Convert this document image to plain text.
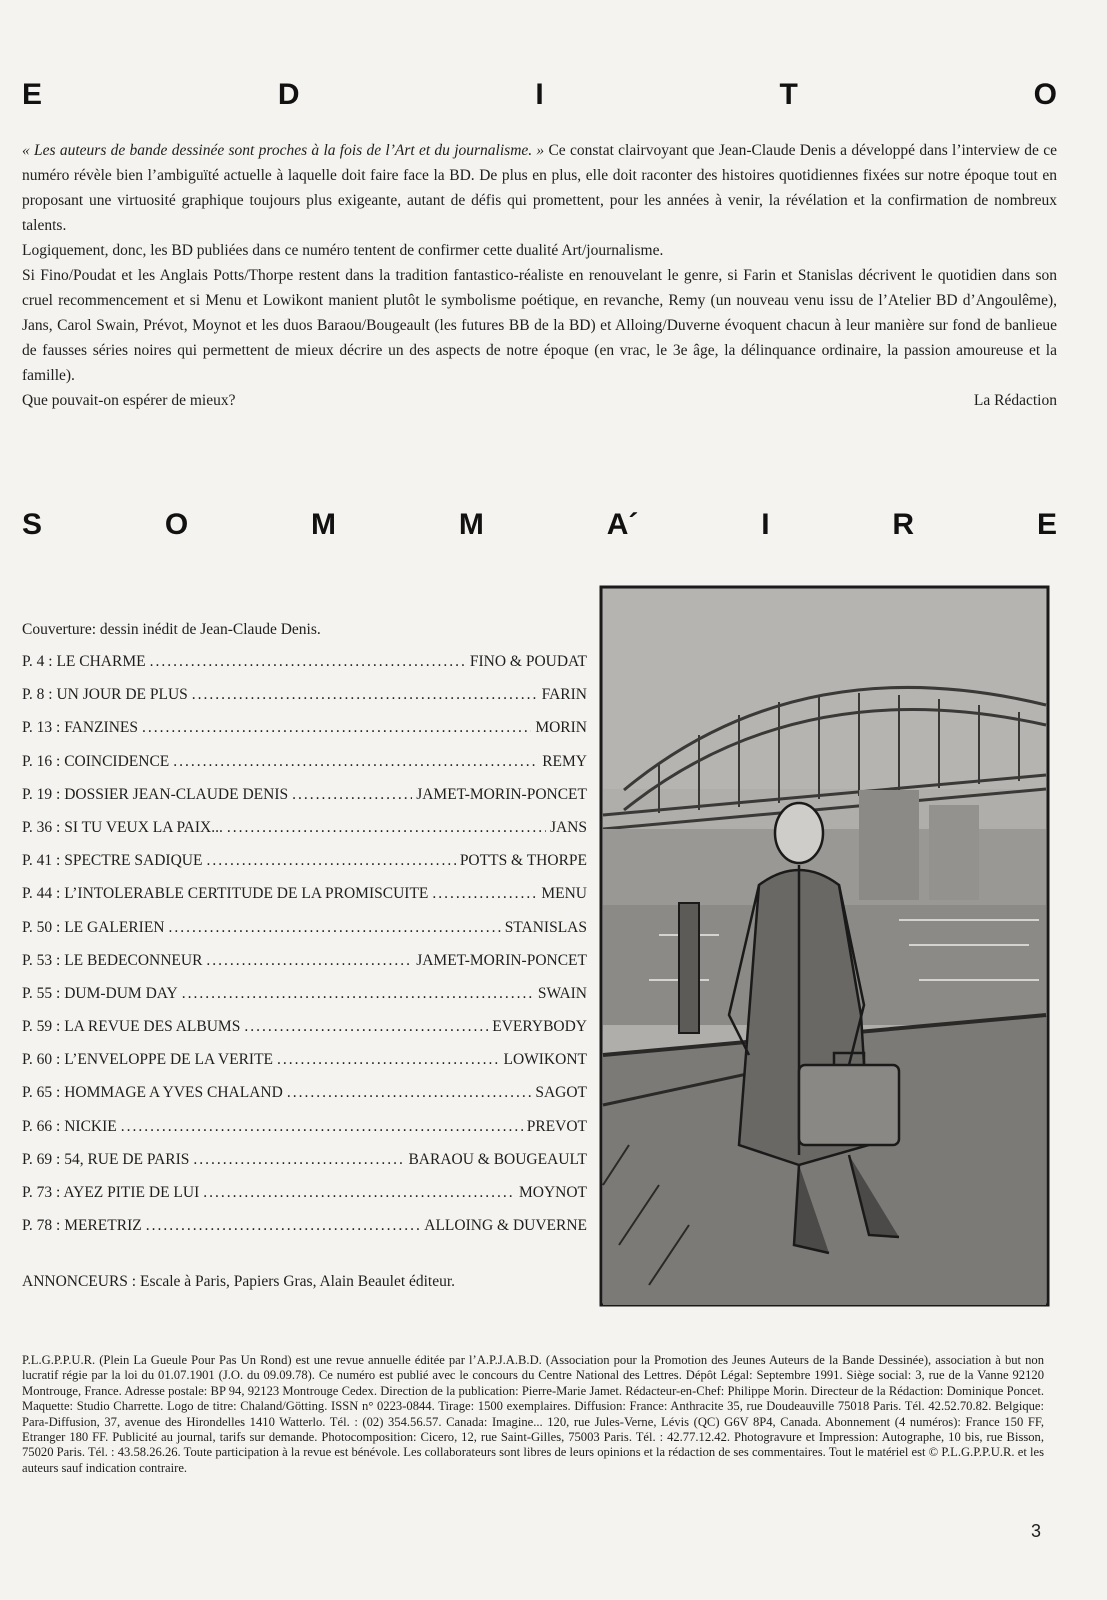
E	D	I	T	O

« Les auteurs de bande dessinée sont proches à la fois de l’Art et du journalisme. » Ce constat clairvoyant que Jean-Claude Denis a développé dans l’interview de ce numéro révèle bien l’ambiguïté actuelle à laquelle doit faire face la BD. De plus en plus, elle doit raconter des histoires quotidiennes fixées sur notre époque tout en proposant une virtuosité graphique toujours plus exigeante, autant de défis qui promettent, pour les années à venir, la révélation et la confirmation de nombreux talents.

Logiquement, donc, les BD publiées dans ce numéro tentent de confirmer cette dualité Art/journalisme.

Si Fino/Poudat et les Anglais Potts/Thorpe restent dans la tradition fantastico-réaliste en renouvelant le genre, si Farin et Stanislas décrivent le quotidien dans son cruel recommencement et si Menu et Lowikont manient plutôt le symbolisme poétique, en revanche, Remy (un nouveau venu issu de l’Atelier BD d’Angoulême), Jans, Carol Swain, Prévot, Moynot et les duos Baraou/Bougeault (les futures BB de la BD) et Alloing/Duverne évoquent chacun à leur manière sur fond de banlieue de fausses séries noires qui permettent de mieux décrire un des aspects de notre époque (en vrac, le 3e âge, la délinquance ordinaire, la passion amoureuse et la famille).

Que pouvait-on espérer de mieux?	La Rédaction
S	O	M	M	A´	I	R	E
Couverture: dessin inédit de Jean-Claude Denis.
P. 4 : LE CHARME .....	FINO & POUDAT
P. 8 : UN JOUR DE PLUS .....	FARIN
P. 13 : FANZINES .....	MORIN
P. 16 : COINCIDENCE .....	REMY
P. 19 : DOSSIER JEAN-CLAUDE DENIS .....	JAMET-MORIN-PONCET
P. 36 : SI TU VEUX LA PAIX... .....	JANS
P. 41 : SPECTRE SADIQUE .....	POTTS & THORPE
P. 44 : L’INTOLERABLE CERTITUDE DE LA PROMISCUITE .....	MENU
P. 50 : LE GALERIEN .....	STANISLAS
P. 53 : LE BEDECONNEUR .....	JAMET-MORIN-PONCET
P. 55 : DUM-DUM DAY .....	SWAIN
P. 59 : LA REVUE DES ALBUMS .....	EVERYBODY
P. 60 : L’ENVELOPPE DE LA VERITE .....	LOWIKONT
P. 65 : HOMMAGE A YVES CHALAND .....	SAGOT
P. 66 : NICKIE .....	PREVOT
P. 69 : 54, RUE DE PARIS .....	BARAOU & BOUGEAULT
P. 73 : AYEZ PITIE DE LUI .....	MOYNOT
P. 78 : MERETRIZ .....	ALLOING & DUVERNE
ANNONCEURS : Escale à Paris, Papiers Gras, Alain Beaulet éditeur.
P.L.G.P.P.U.R. (Plein La Gueule Pour Pas Un Rond) est une revue annuelle éditée par l’A.P.J.A.B.D. (Association pour la Promotion des Jeunes Auteurs de la Bande Dessinée), association à but non lucratif régie par la loi du 01.07.1901 (J.O. du 09.09.78). Ce numéro est publié avec le concours du Centre National des Lettres. Dépôt Légal: Septembre 1991. Siège social: 3, rue de la Vanne 92120 Montrouge, France. Adresse postale: BP 94, 92123 Montrouge Cedex. Direction de la publication: Pierre-Marie Jamet. Rédacteur-en-Chef: Philippe Morin. Directeur de la Rédaction: Dominique Poncet. Maquette: Studio Charrette. Logo de titre: Chaland/Götting. ISSN n° 0223-0844. Tirage: 1500 exemplaires. Diffusion: France: Anthracite 35, rue Doudeauville 75018 Paris. Tél. 42.52.70.82. Belgique: Para-Diffusion, 37, avenue des Hirondelles 1410 Watterlo. Tél. : (02) 354.56.57. Canada: Imagine... 120, rue Jules-Verne, Lévis (QC) G6V 8P4, Canada. Abonnement (4 numéros): France 150 FF, Etranger 180 FF. Publicité au journal, tarifs sur demande. Photocomposition: Cicero, 12, rue Saint-Gilles, 75003 Paris. Tél. : 42.77.12.42. Photogravure et Impression: Autographe, 10 bis, rue Bisson, 75020 Paris. Tél. : 43.58.26.26. Toute participation à la revue est bénévole. Les collaborateurs sont libres de leurs opinions et la rédaction de ses commentaires. Tout le matériel est © P.L.G.P.P.U.R. et les auteurs sauf indication contraire.
3
